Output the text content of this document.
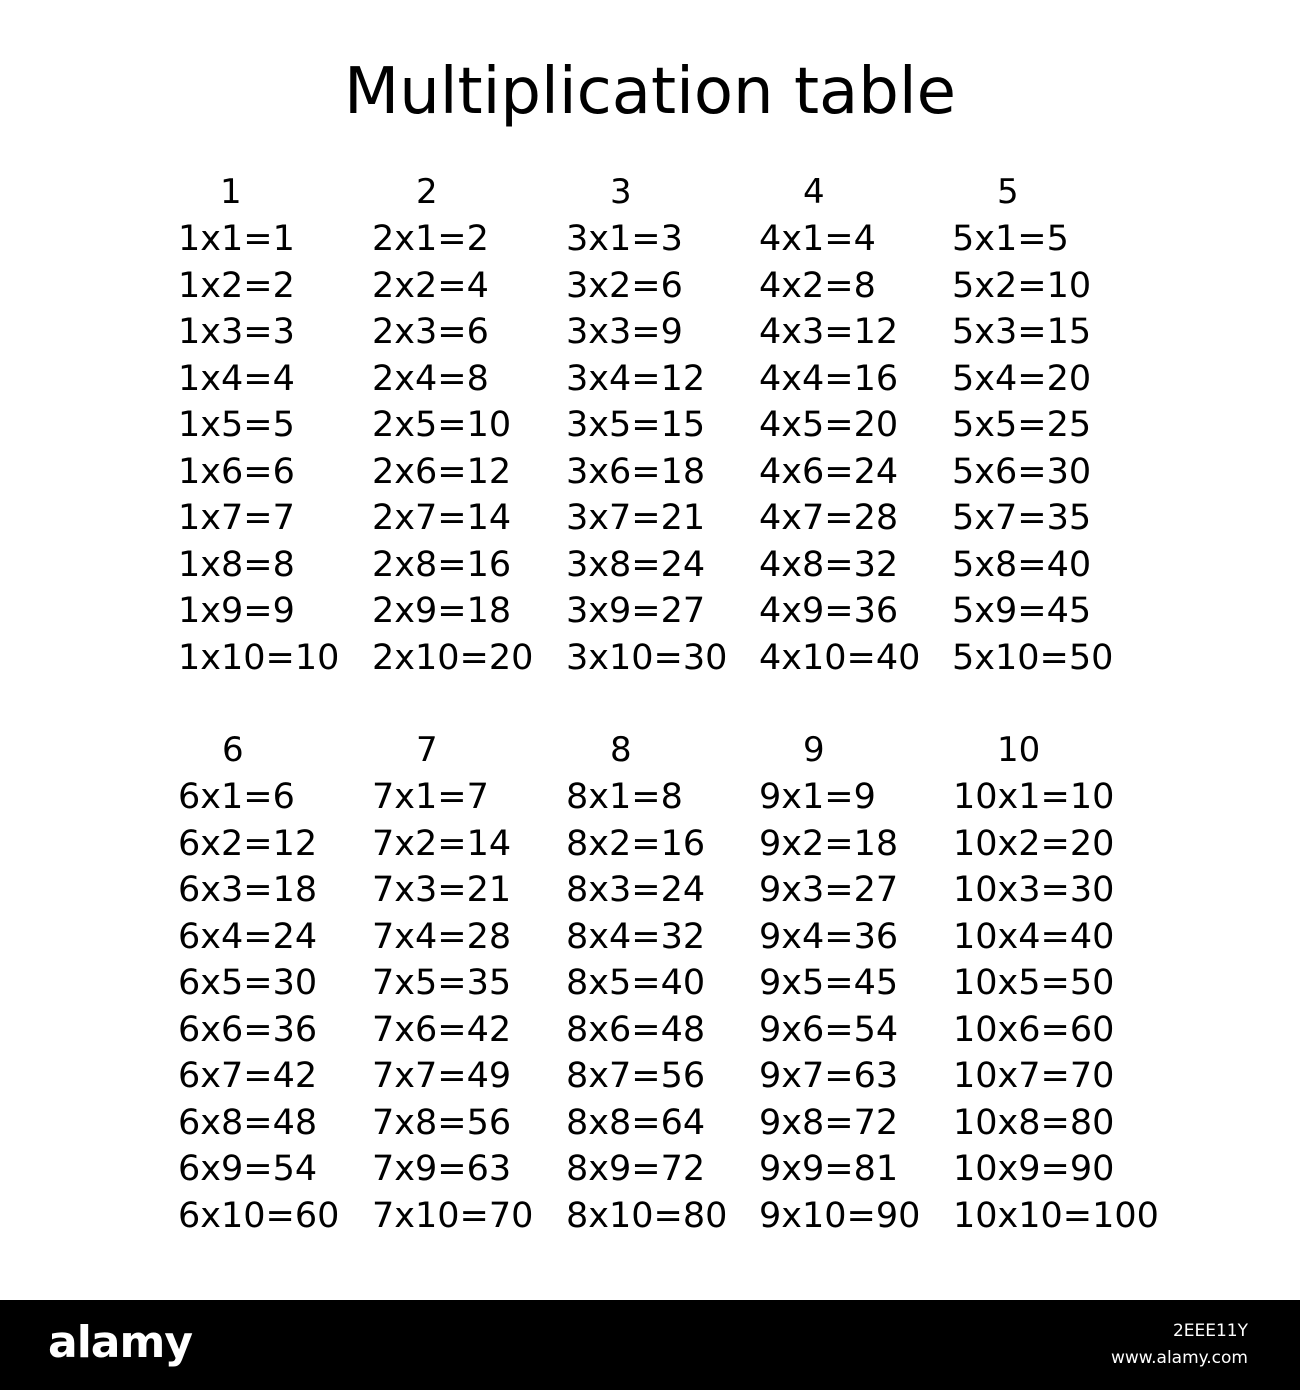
Multiplication table
1
1x1=1
1x2=2
1x3=3
1x4=4
1x5=5
1x6=6
1x7=7
1x8=8
1x9=9
1x10=10
2
2x1=2
2x2=4
2x3=6
2x4=8
2x5=10
2x6=12
2x7=14
2x8=16
2x9=18
2x10=20
3
3x1=3
3x2=6
3x3=9
3x4=12
3x5=15
3x6=18
3x7=21
3x8=24
3x9=27
3x10=30
4
4x1=4
4x2=8
4x3=12
4x4=16
4x5=20
4x6=24
4x7=28
4x8=32
4x9=36
4x10=40
5
5x1=5
5x2=10
5x3=15
5x4=20
5x5=25
5x6=30
5x7=35
5x8=40
5x9=45
5x10=50
6
6x1=6
6x2=12
6x3=18
6x4=24
6x5=30
6x6=36
6x7=42
6x8=48
6x9=54
6x10=60
7
7x1=7
7x2=14
7x3=21
7x4=28
7x5=35
7x6=42
7x7=49
7x8=56
7x9=63
7x10=70
8
8x1=8
8x2=16
8x3=24
8x4=32
8x5=40
8x6=48
8x7=56
8x8=64
8x9=72
8x10=80
9
9x1=9
9x2=18
9x3=27
9x4=36
9x5=45
9x6=54
9x7=63
9x8=72
9x9=81
9x10=90
10
10x1=10
10x2=20
10x3=30
10x4=40
10x5=50
10x6=60
10x7=70
10x8=80
10x9=90
10x10=100
alamy	2EEE11Y
www.alamy.com
